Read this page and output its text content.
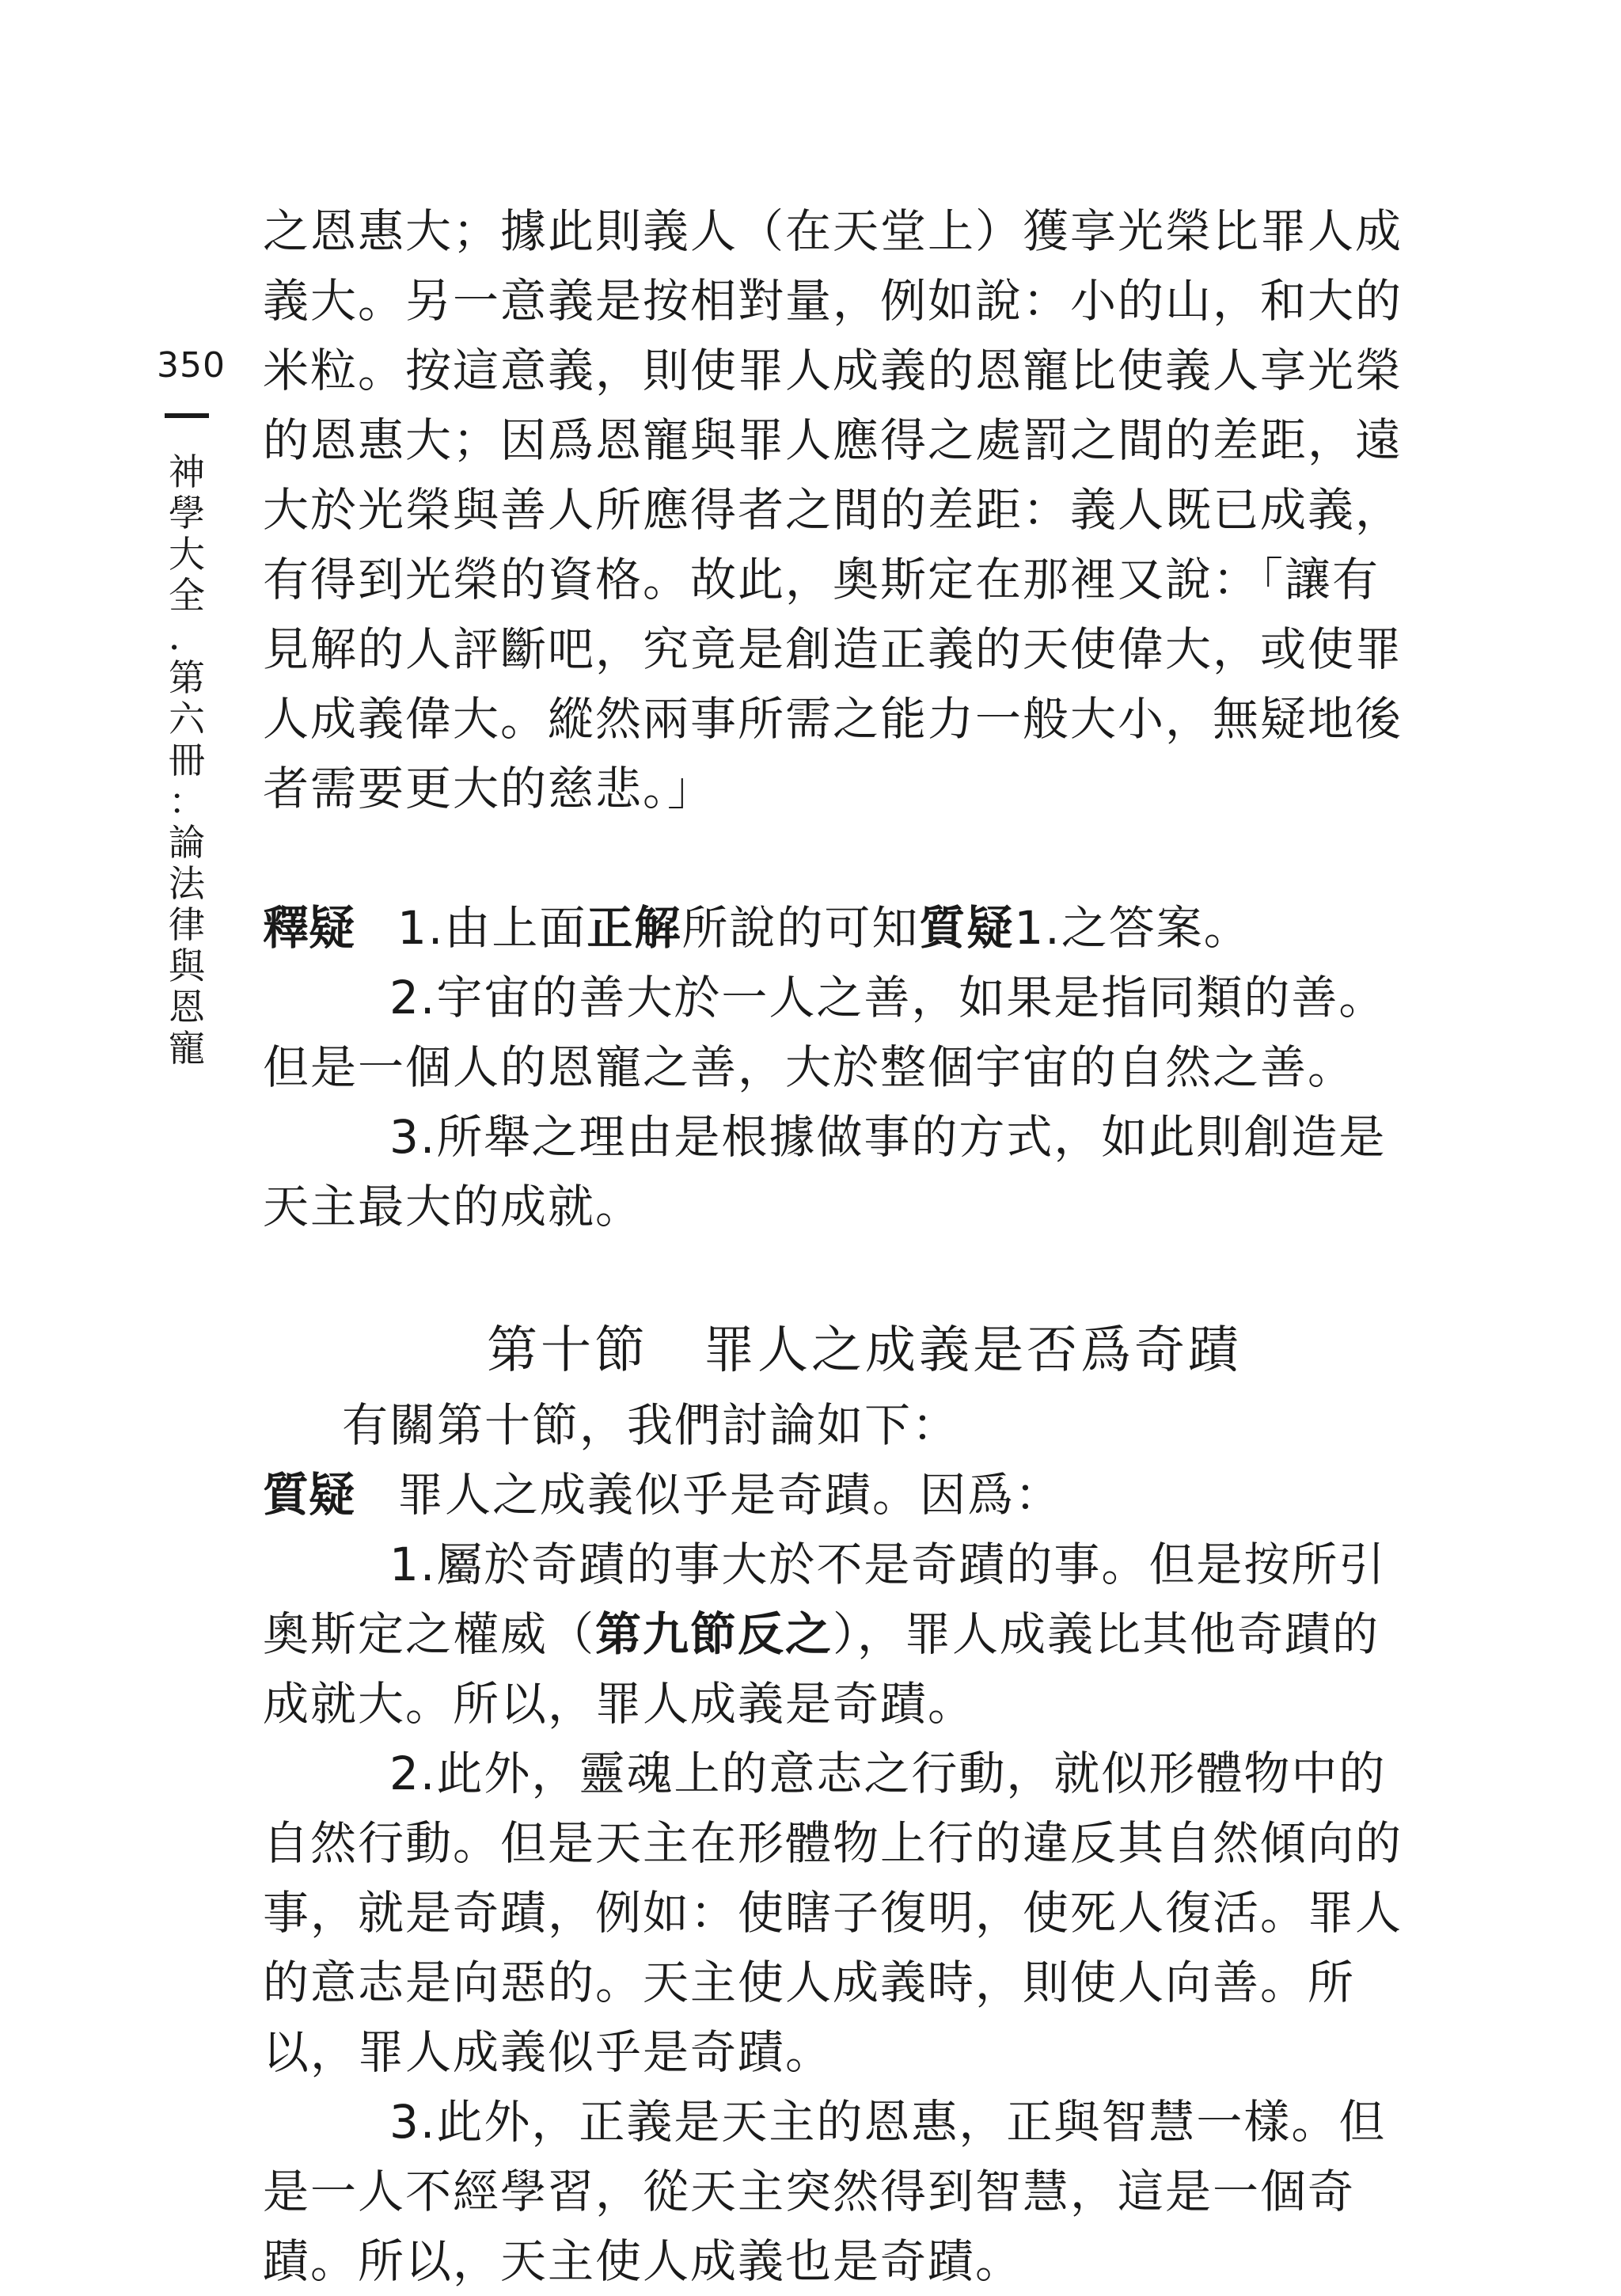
350
神
學
大
全
．
第
六
冊
：
論
法
律
與
恩
寵

之恩惠大；據此則義人（在天堂上）獲享光榮比罪人成義大。另一意義是按相對量，例如說：小的山，和大的米粒。按這意義，則使罪人成義的恩寵比使義人享光榮的恩惠大；因爲恩寵與罪人應得之處罰之間的差距，遠大於光榮與善人所應得者之間的差距：義人既已成義，有得到光榮的資格。故此，奧斯定在那裡又說：「讓有見解的人評斷吧，究竟是創造正義的天使偉大，或使罪人成義偉大。縱然兩事所需之能力一般大小，無疑地後者需要更大的慈悲。」

釋疑 1.由上面正解所說的可知質疑1.之答案。

2.宇宙的善大於一人之善，如果是指同類的善。但是一個人的恩寵之善，大於整個宇宙的自然之善。

3.所舉之理由是根據做事的方式，如此則創造是天主最大的成就。

第十節 罪人之成義是否爲奇蹟

有關第十節，我們討論如下：

質疑 罪人之成義似乎是奇蹟。因爲：

1.屬於奇蹟的事大於不是奇蹟的事。但是按所引奧斯定之權威（第九節反之），罪人成義比其他奇蹟的成就大。所以，罪人成義是奇蹟。

2.此外，靈魂上的意志之行動，就似形體物中的自然行動。但是天主在形體物上行的違反其自然傾向的事，就是奇蹟，例如：使瞎子復明，使死人復活。罪人的意志是向惡的。天主使人成義時，則使人向善。所以，罪人成義似乎是奇蹟。

3.此外，正義是天主的恩惠，正與智慧一樣。但是一人不經學習，從天主突然得到智慧，這是一個奇蹟。所以，天主使人成義也是奇蹟。
